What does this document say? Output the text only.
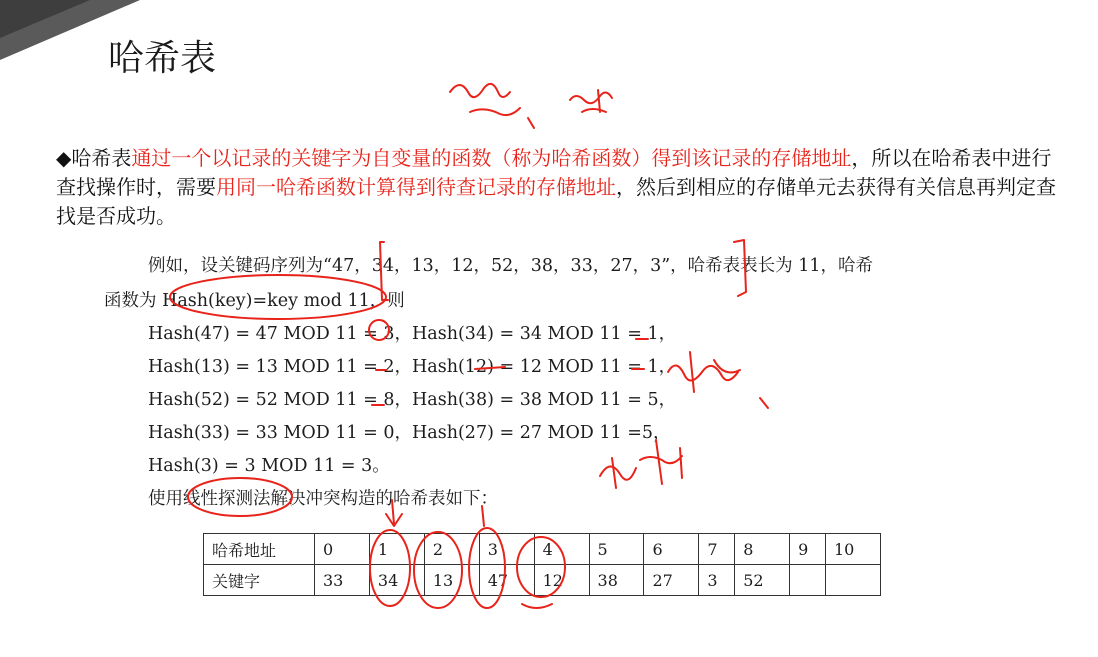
哈希表
◆哈希表通过一个以记录的关键字为自变量的函数（称为哈希函数）得到该记录的存储地址，所以在哈希表中进行查找操作时，需要用同一哈希函数计算得到待查记录的存储地址，然后到相应的存储单元去获得有关信息再判定查找是否成功。
例如，设关键码序列为“47，34，13，12，52，38，33，27，3”，哈希表表长为 11，哈希
函数为 Hash(key)=key mod 11，则
Hash(47) = 47 MOD 11 = 3，Hash(34) = 34 MOD 11 = 1，
Hash(13) = 13 MOD 11 = 2，Hash(12) = 12 MOD 11 = 1，
Hash(52) = 52 MOD 11 = 8，Hash(38) = 38 MOD 11 = 5，
Hash(33) = 33 MOD 11 = 0，Hash(27) = 27 MOD 11 =5，
Hash(3) = 3 MOD 11 = 3。
使用线性探测法解决冲突构造的哈希表如下：
哈希地址	0	1	2	3	4	5	6	7	8	9	10
关键字	33	34	13	47	12	38	27	3	52		
